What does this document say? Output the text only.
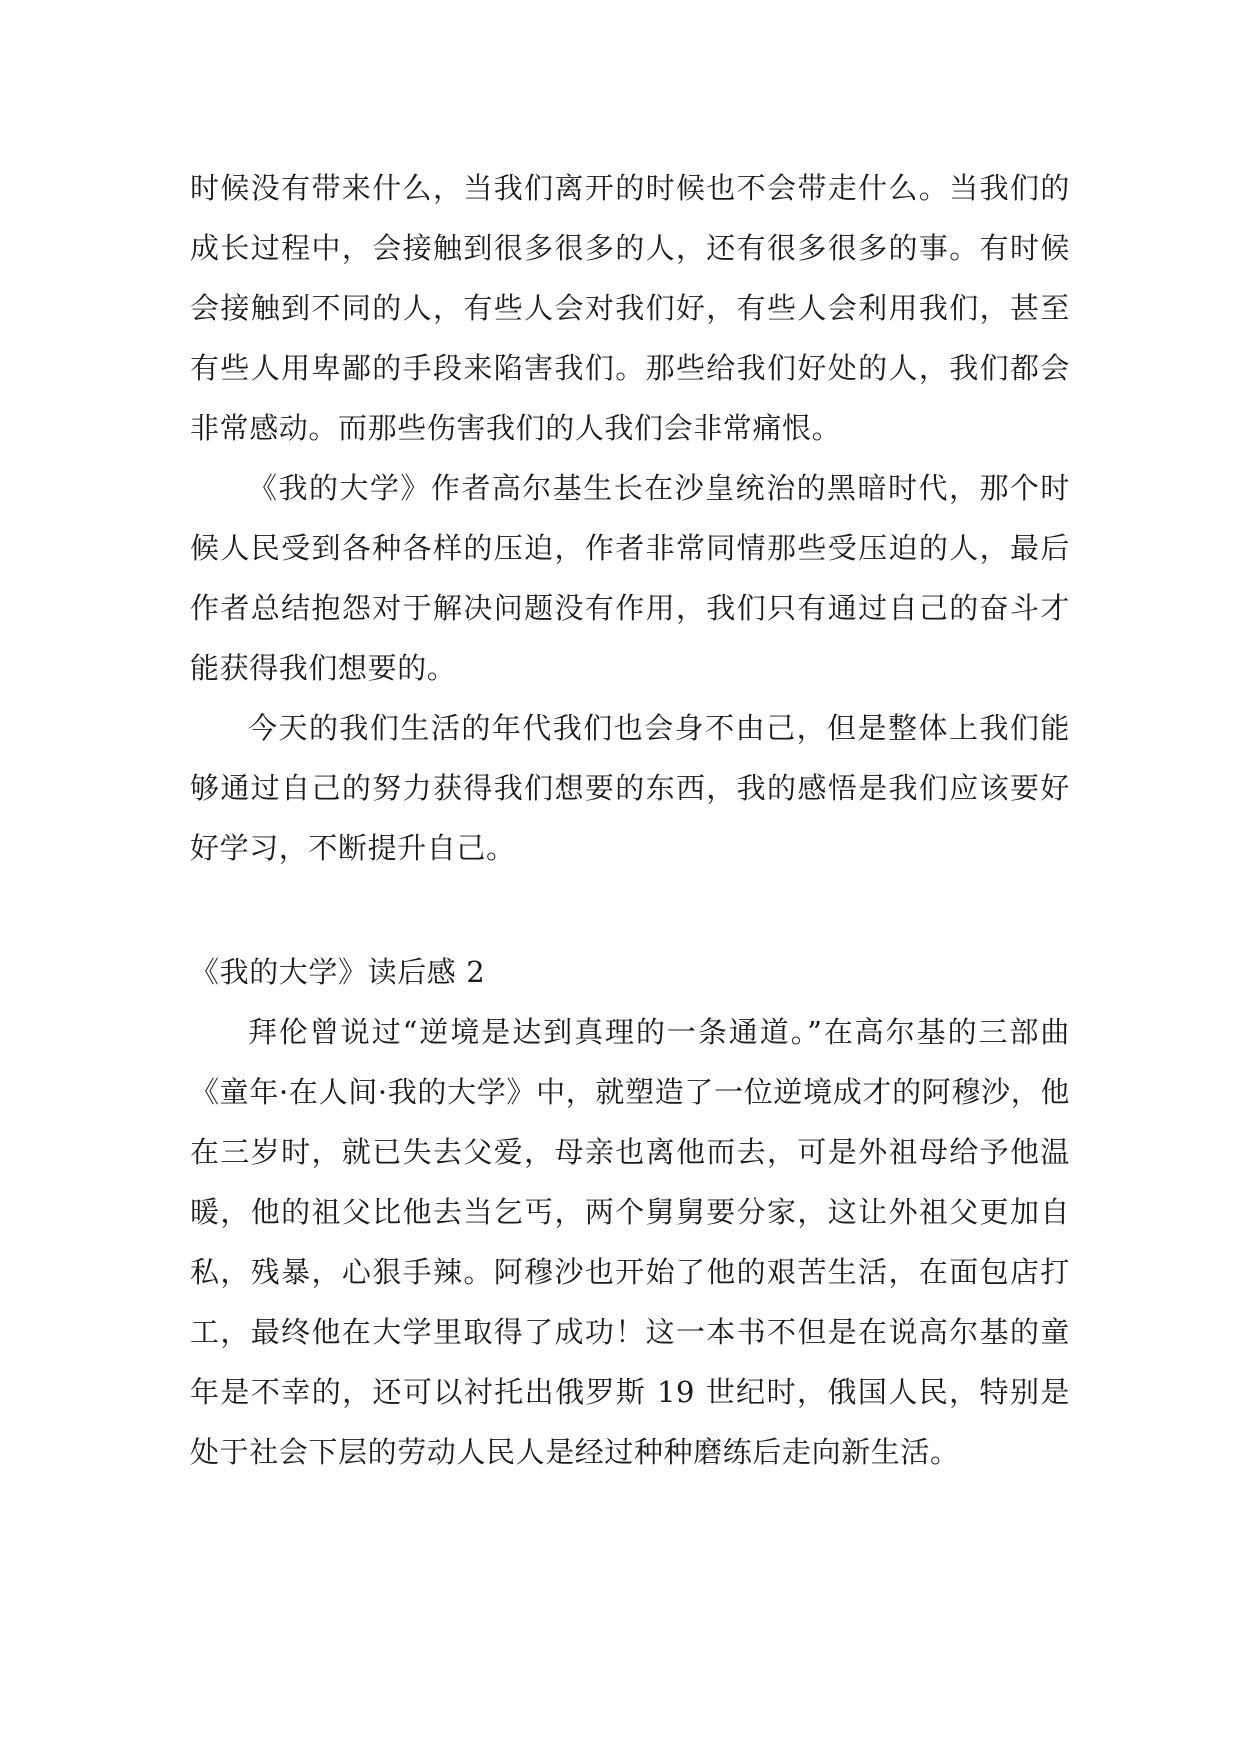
时候没有带来什么，当我们离开的时候也不会带走什么。当我们的成长过程中，会接触到很多很多的人，还有很多很多的事。有时候会接触到不同的人，有些人会对我们好，有些人会利用我们，甚至有些人用卑鄙的手段来陷害我们。那些给我们好处的人，我们都会非常感动。而那些伤害我们的人我们会非常痛恨。

《我的大学》作者高尔基生长在沙皇统治的黑暗时代，那个时候人民受到各种各样的压迫，作者非常同情那些受压迫的人，最后作者总结抱怨对于解决问题没有作用，我们只有通过自己的奋斗才能获得我们想要的。

今天的我们生活的年代我们也会身不由己，但是整体上我们能够通过自己的努力获得我们想要的东西，我的感悟是我们应该要好好学习，不断提升自己。

《我的大学》读后感 2

拜伦曾说过“逆境是达到真理的一条通道。”在高尔基的三部曲《童年·在人间·我的大学》中，就塑造了一位逆境成才的阿穆沙，他在三岁时，就已失去父爱，母亲也离他而去，可是外祖母给予他温暖，他的祖父比他去当乞丐，两个舅舅要分家，这让外祖父更加自私，残暴，心狠手辣。阿穆沙也开始了他的艰苦生活，在面包店打工，最终他在大学里取得了成功！这一本书不但是在说高尔基的童年是不幸的，还可以衬托出俄罗斯 19 世纪时，俄国人民，特别是处于社会下层的劳动人民人是经过种种磨练后走向新生活。
